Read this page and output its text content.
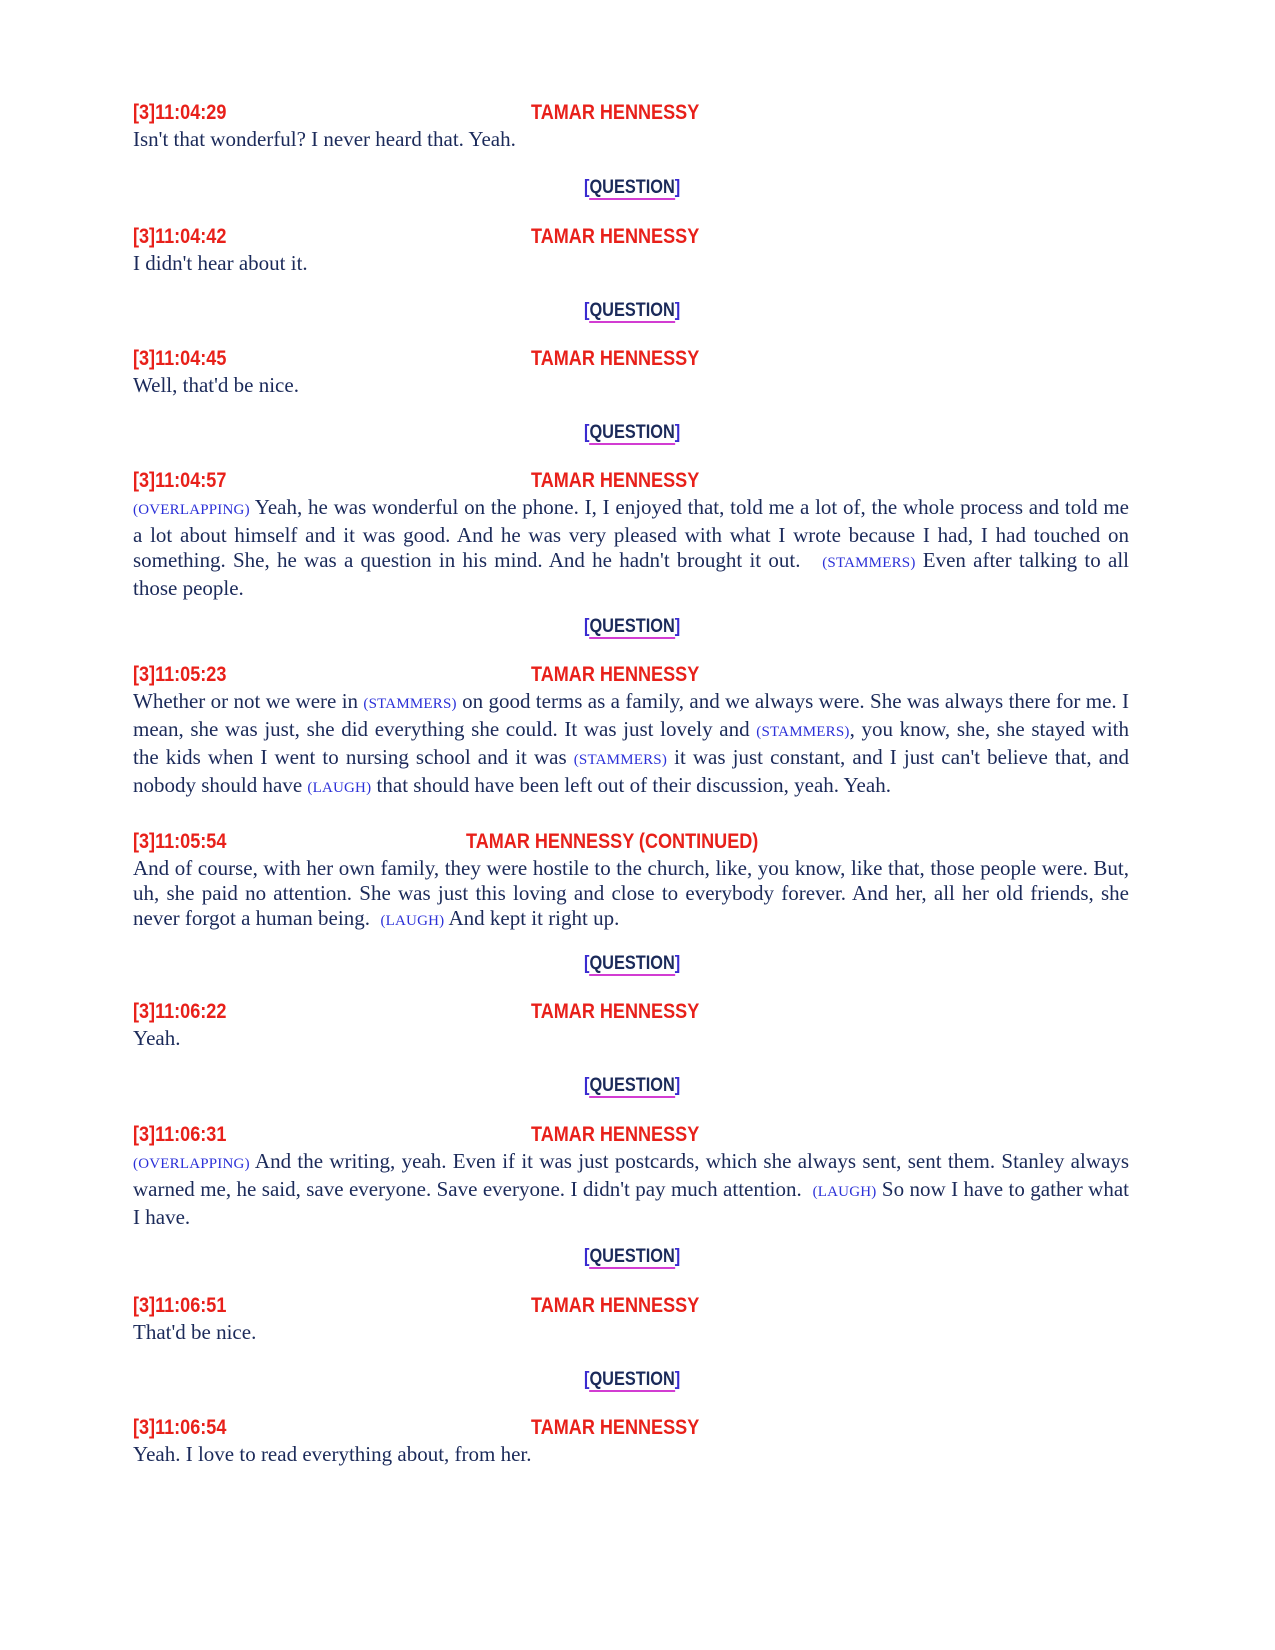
[3]11:04:29	TAMAR HENNESSY

Isn't that wonderful? I never heard that. Yeah.

[QUESTION]
[3]11:04:42	TAMAR HENNESSY

I didn't hear about it.

[QUESTION]
[3]11:04:45	TAMAR HENNESSY

Well, that'd be nice.

[QUESTION]
[3]11:04:57	TAMAR HENNESSY

(OVERLAPPING) Yeah, he was wonderful on the phone. I, I enjoyed that, told me a lot of, the whole process and told me a lot about himself and it was good. And he was very pleased with what I wrote because I had, I had touched on something. She, he was a question in his mind. And he hadn't brought it out. (STAMMERS) Even after talking to all those people.

[QUESTION]
[3]11:05:23	TAMAR HENNESSY

Whether or not we were in (STAMMERS) on good terms as a family, and we always were. She was always there for me. I mean, she was just, she did everything she could. It was just lovely and (STAMMERS), you know, she, she stayed with the kids when I went to nursing school and it was (STAMMERS) it was just constant, and I just can't believe that, and nobody should have (LAUGH) that should have been left out of their discussion, yeah. Yeah.

[3]11:05:54	TAMAR HENNESSY (CONTINUED)

And of course, with her own family, they were hostile to the church, like, you know, like that, those people were. But, uh, she paid no attention. She was just this loving and close to everybody forever. And her, all her old friends, she never forgot a human being. (LAUGH) And kept it right up.

[QUESTION]
[3]11:06:22	TAMAR HENNESSY

Yeah.

[QUESTION]
[3]11:06:31	TAMAR HENNESSY

(OVERLAPPING) And the writing, yeah. Even if it was just postcards, which she always sent, sent them. Stanley always warned me, he said, save everyone. Save everyone. I didn't pay much attention. (LAUGH) So now I have to gather what I have.

[QUESTION]
[3]11:06:51	TAMAR HENNESSY

That'd be nice.

[QUESTION]
[3]11:06:54	TAMAR HENNESSY

Yeah. I love to read everything about, from her.
